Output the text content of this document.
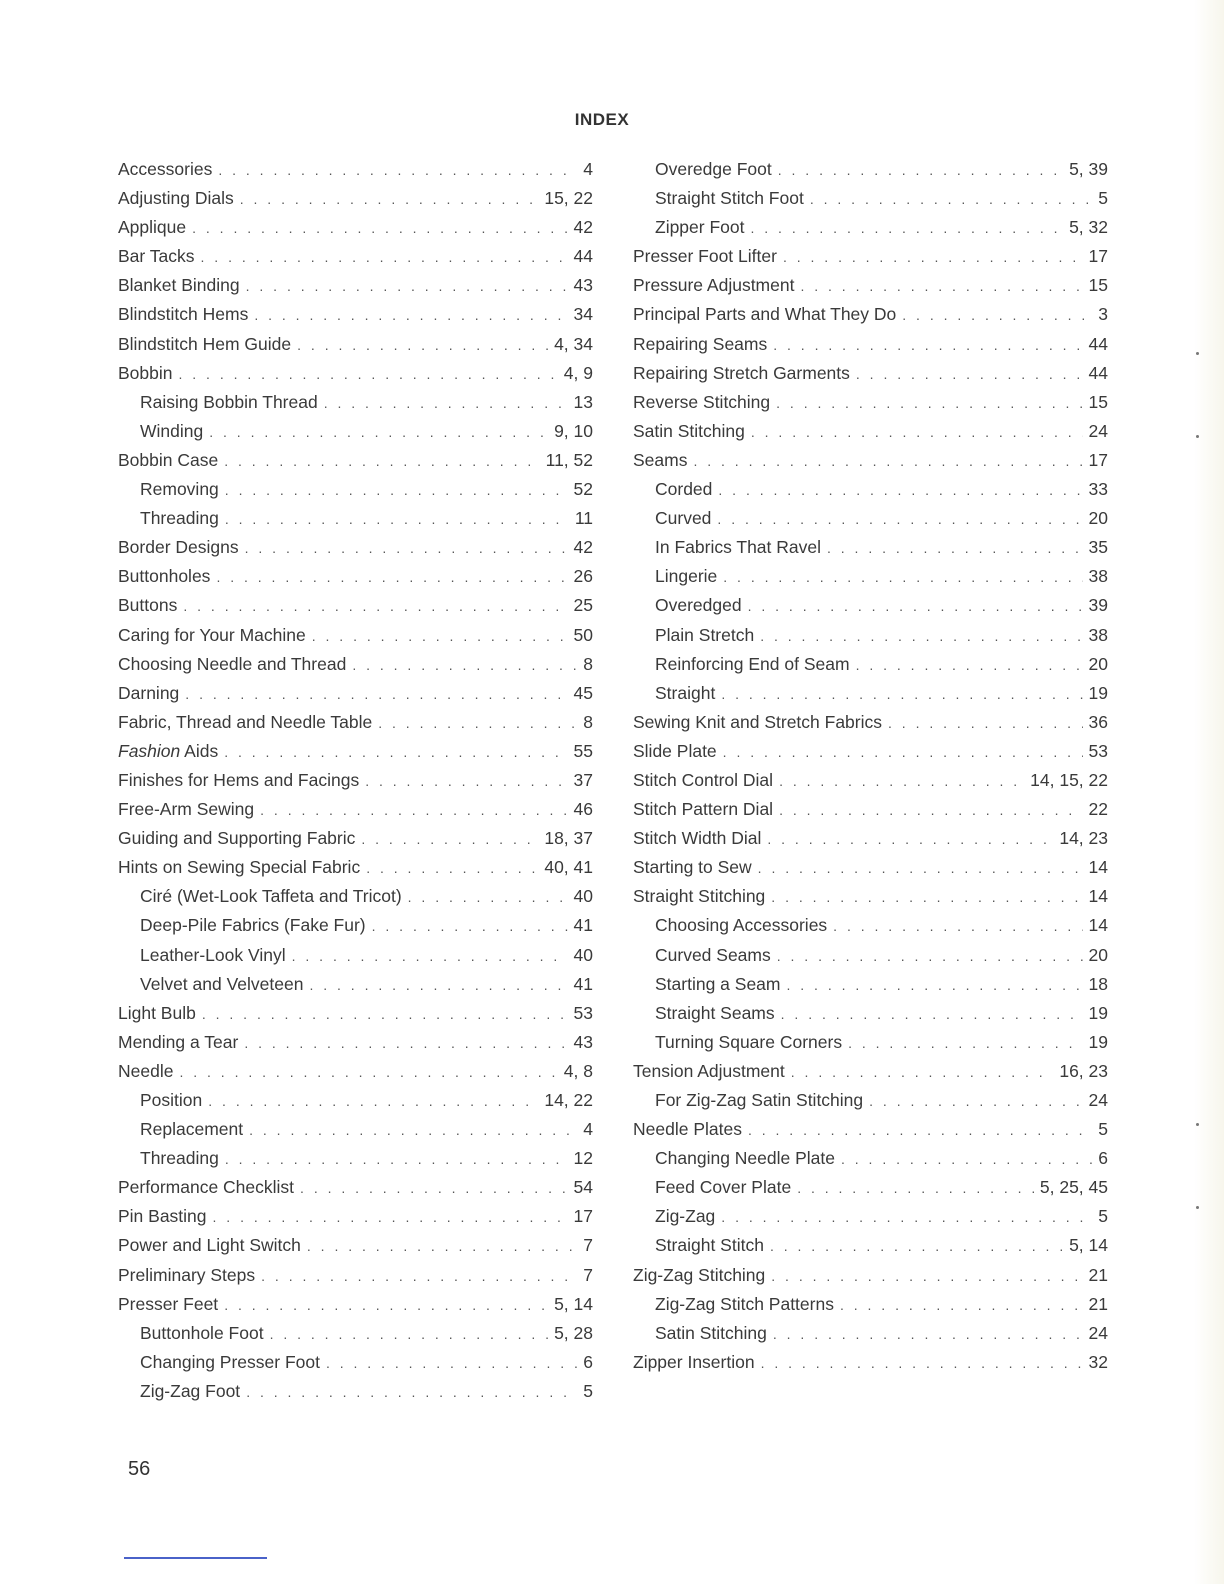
INDEX
Accessories . . .	4
Adjusting Dials . . .	15, 22
Applique . . .	42
Bar Tacks . . .	44
Blanket Binding . . .	43
Blindstitch Hems . . .	34
Blindstitch Hem Guide . . .	4, 34
Bobbin . . .	4, 9
Raising Bobbin Thread . . .	13
Winding . . .	9, 10
Bobbin Case . . .	11, 52
Removing . . .	52
Threading . . .	11
Border Designs . . .	42
Buttonholes . . .	26
Buttons . . .	25
Caring for Your Machine . . .	50
Choosing Needle and Thread . . .	8
Darning . . .	45
Fabric, Thread and Needle Table . . .	8
Fashion Aids . . .	55
Finishes for Hems and Facings . . .	37
Free-Arm Sewing . . .	46
Guiding and Supporting Fabric . . .	18, 37
Hints on Sewing Special Fabric . . .	40, 41
Ciré (Wet-Look Taffeta and Tricot) . . .	40
Deep-Pile Fabrics (Fake Fur) . . .	41
Leather-Look Vinyl . . .	40
Velvet and Velveteen . . .	41
Light Bulb . . .	53
Mending a Tear . . .	43
Needle . . .	4, 8
Position . . .	14, 22
Replacement . . .	4
Threading . . .	12
Performance Checklist . . .	54
Pin Basting . . .	17
Power and Light Switch . . .	7
Preliminary Steps . . .	7
Presser Feet . . .	5, 14
Buttonhole Foot . . .	5, 28
Changing Presser Foot . . .	6
Zig-Zag Foot . . .	5
Overedge Foot . . .	5, 39
Straight Stitch Foot . . .	5
Zipper Foot . . .	5, 32
Presser Foot Lifter . . .	17
Pressure Adjustment . . .	15
Principal Parts and What They Do . . .	3
Repairing Seams . . .	44
Repairing Stretch Garments . . .	44
Reverse Stitching . . .	15
Satin Stitching . . .	24
Seams . . .	17
Corded . . .	33
Curved . . .	20
In Fabrics That Ravel . . .	35
Lingerie . . .	38
Overedged . . .	39
Plain Stretch . . .	38
Reinforcing End of Seam . . .	20
Straight . . .	19
Sewing Knit and Stretch Fabrics . . .	36
Slide Plate . . .	53
Stitch Control Dial . . .	14, 15, 22
Stitch Pattern Dial . . .	22
Stitch Width Dial . . .	14, 23
Starting to Sew . . .	14
Straight Stitching . . .	14
Choosing Accessories . . .	14
Curved Seams . . .	20
Starting a Seam . . .	18
Straight Seams . . .	19
Turning Square Corners . . .	19
Tension Adjustment . . .	16, 23
For Zig-Zag Satin Stitching . . .	24
Needle Plates . . .	5
Changing Needle Plate . . .	6
Feed Cover Plate . . .	5, 25, 45
Zig-Zag . . .	5
Straight Stitch . . .	5, 14
Zig-Zag Stitching . . .	21
Zig-Zag Stitch Patterns . . .	21
Satin Stitching . . .	24
Zipper Insertion . . .	32
56
